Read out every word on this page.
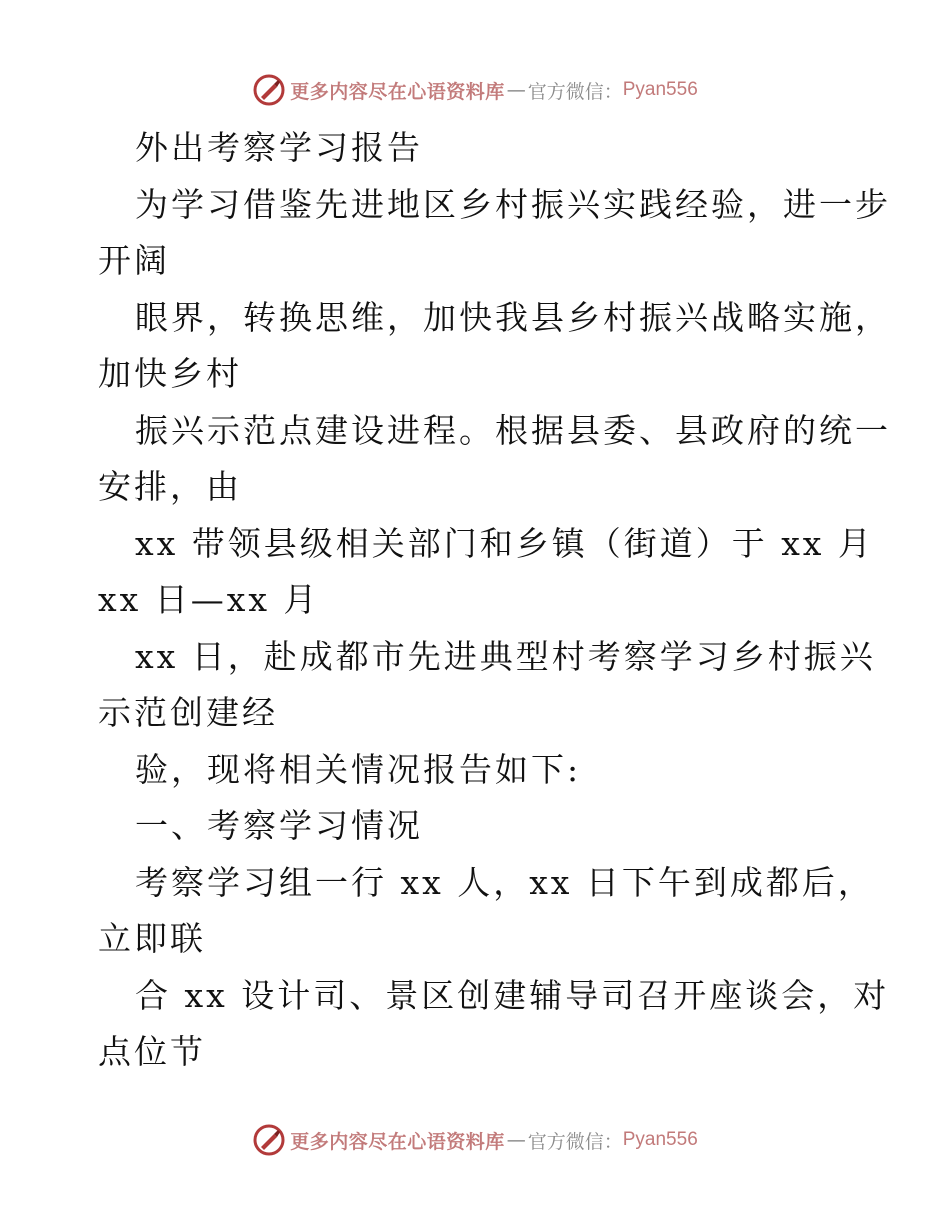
更多内容尽在心语资料库 — 官方微信： Pyan556
外出考察学习报告
为学习借鉴先进地区乡村振兴实践经验，进一步
开阔
眼界，转换思维，加快我县乡村振兴战略实施，
加快乡村
振兴示范点建设进程。根据县委、县政府的统一
安排，由
xx 带领县级相关部门和乡镇（街道）于 xx 月
xx 日—xx 月
xx 日，赴成都市先进典型村考察学习乡村振兴
示范创建经
验，现将相关情况报告如下:
一、考察学习情况
考察学习组一行 xx 人，xx 日下午到成都后，
立即联
合 xx 设计司、景区创建辅导司召开座谈会，对
点位节
更多内容尽在心语资料库 — 官方微信： Pyan556
